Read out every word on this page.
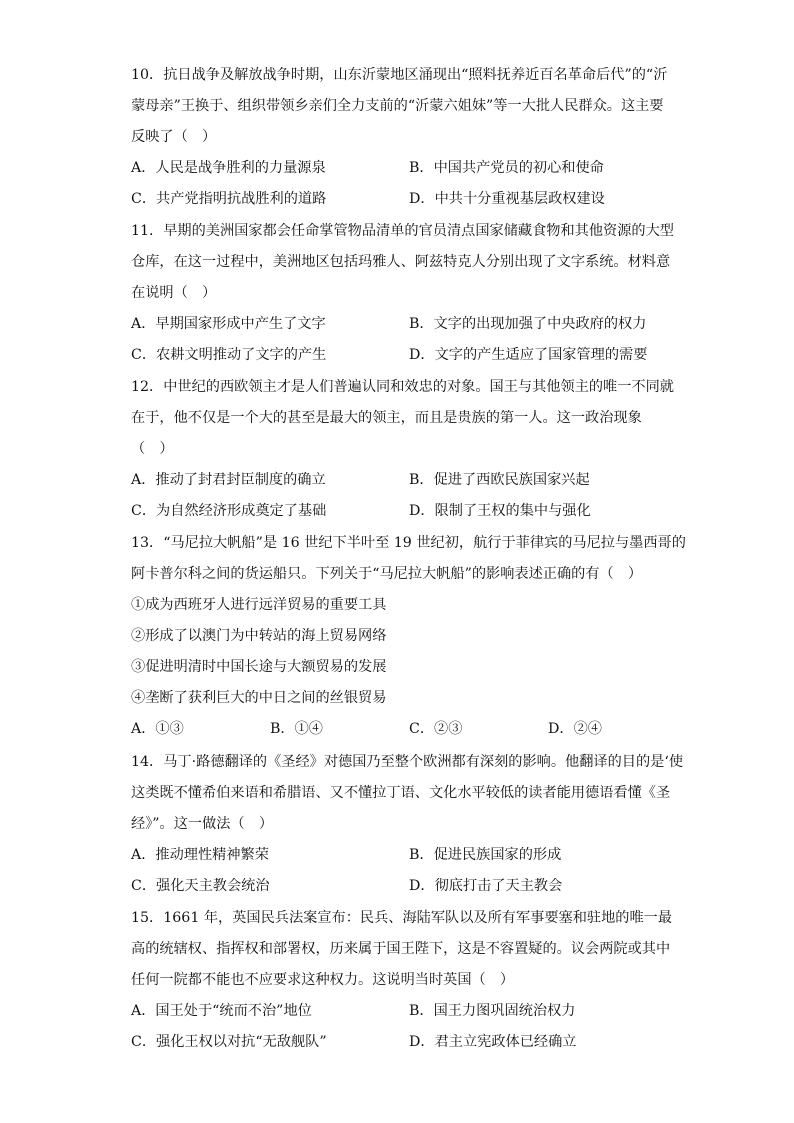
10．抗日战争及解放战争时期，山东沂蒙地区涌现出“照料抚养近百名革命后代”的“沂
蒙母亲”王换于、组织带领乡亲们全力支前的“沂蒙六姐妹”等一大批人民群众。这主要
反映了（　）
A．人民是战争胜利的力量源泉	B．中国共产党员的初心和使命
C．共产党指明抗战胜利的道路	D．中共十分重视基层政权建设
11．早期的美洲国家都会任命掌管物品清单的官员清点国家储藏食物和其他资源的大型
仓库，在这一过程中，美洲地区包括玛雅人、阿兹特克人分别出现了文字系统。材料意
在说明（　）
A．早期国家形成中产生了文字	B．文字的出现加强了中央政府的权力
C．农耕文明推动了文字的产生	D．文字的产生适应了国家管理的需要
12．中世纪的西欧领主才是人们普遍认同和效忠的对象。国王与其他领主的唯一不同就
在于，他不仅是一个大的甚至是最大的领主，而且是贵族的第一人。这一政治现象
（　）
A．推动了封君封臣制度的确立	B．促进了西欧民族国家兴起
C．为自然经济形成奠定了基础	D．限制了王权的集中与强化
13．“马尼拉大帆船”是 16 世纪下半叶至 19 世纪初，航行于菲律宾的马尼拉与墨西哥的
阿卡普尔科之间的货运船只。下列关于“马尼拉大帆船”的影响表述正确的有（　）
①成为西班牙人进行远洋贸易的重要工具
②形成了以澳门为中转站的海上贸易网络
③促进明清时中国长途与大额贸易的发展
④垄断了获利巨大的中日之间的丝银贸易
A．①③	B．①④	C．②③	D．②④
14．马丁·路德翻译的《圣经》对德国乃至整个欧洲都有深刻的影响。他翻译的目的是‘使
这类既不懂希伯来语和希腊语、又不懂拉丁语、文化水平较低的读者能用德语看懂《圣
经》”。这一做法（　）
A．推动理性精神繁荣	B．促进民族国家的形成
C．强化天主教会统治	D．彻底打击了天主教会
15．1661 年，英国民兵法案宣布：民兵、海陆军队以及所有军事要塞和驻地的唯一最
高的统辖权、指挥权和部署权，历来属于国王陛下，这是不容置疑的。议会两院或其中
任何一院都不能也不应要求这种权力。这说明当时英国（　）
A．国王处于“统而不治”地位	B．国王力图巩固统治权力
C．强化王权以对抗“无敌舰队”	D．君主立宪政体已经确立
